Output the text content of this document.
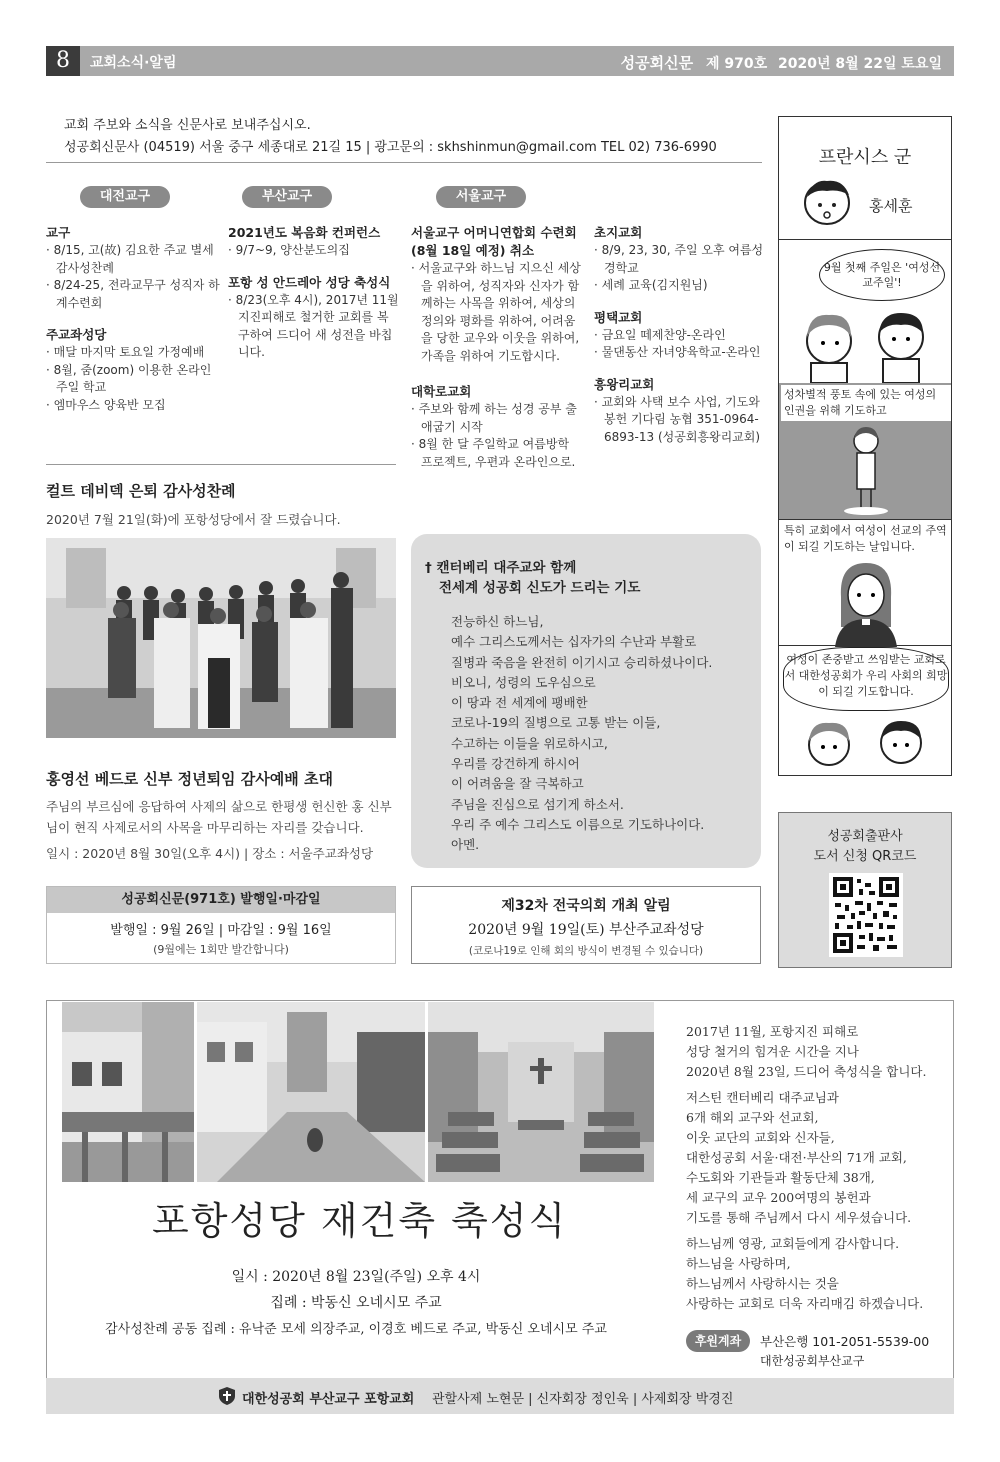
8	교회소식·알림	성공회신문 제 970호 2020년 8월 22일 토요일
교회 주보와 소식을 신문사로 보내주십시오.
성공회신문사 (04519) 서울 중구 세종대로 21길 15 | 광고문의 : skhshinmun@gmail.com TEL 02) 736-6990
대전교구	부산교구	서울교구
교구
· 8/15, 고(故) 김요한 주교 별세 감사성찬례
· 8/24-25, 전라교무구 성직자 하계수련회
주교좌성당
· 매달 마지막 토요일 가정예배
· 8월, 줌(zoom) 이용한 온라인 주일 학교
· 엠마우스 양육반 모집
2021년도 복음화 컨퍼런스
· 9/7~9, 양산분도의집
포항 성 안드레아 성당 축성식
· 8/23(오후 4시), 2017년 11월 지진피해로 철거한 교회를 복구하여 드디어 새 성전을 바칩니다.
서울교구 어머니연합회 수련회 (8월 18일 예정) 취소
· 서울교구와 하느님 지으신 세상을 위하여, 성직자와 신자가 함께하는 사목을 위하여, 세상의 정의와 평화를 위하여, 어려움을 당한 교우와 이웃을 위하여, 가족을 위하여 기도합시다.
대학로교회
· 주보와 함께 하는 성경 공부 출애굽기 시작
· 8월 한 달 주일학교 여름방학 프로젝트, 우편과 온라인으로.
초지교회
· 8/9, 23, 30, 주일 오후 여름성경학교
· 세례 교육(김지원님)
평택교회
· 금요일 떼제찬양-온라인
· 물댄동산 자녀양육학교-온라인
흥왕리교회
· 교회와 사택 보수 사업, 기도와 봉헌 기다림 농협 351-0964-6893-13 (성공회흥왕리교회)
컬트 데비덱 은퇴 감사성찬례
2020년 7월 21일(화)에 포항성당에서 잘 드렸습니다.
홍영선 베드로 신부 정년퇴임 감사예배 초대
주님의 부르심에 응답하여 사제의 삶으로 한평생 헌신한 홍 신부님이 현직 사제로서의 사목을 마무리하는 자리를 갖습니다.
일시 : 2020년 8월 30일(오후 4시) | 장소 : 서울주교좌성당
† 캔터베리 대주교와 함께
전세계 성공회 신도가 드리는 기도
전능하신 하느님,
예수 그리스도께서는 십자가의 수난과 부활로
질병과 죽음을 완전히 이기시고 승리하셨나이다.
비오니, 성령의 도우심으로
이 땅과 전 세계에 팽배한
코로나-19의 질병으로 고통 받는 이들,
수고하는 이들을 위로하시고,
우리를 강건하게 하시어
이 어려움을 잘 극복하고
주님을 진심으로 섬기게 하소서.
우리 주 예수 그리스도 이름으로 기도하나이다.
아멘.
성공회신문(971호) 발행일·마감일
발행일 : 9월 26일 | 마감일 : 9월 16일
(9월에는 1회만 발간합니다)
제32차 전국의회 개최 알림
2020년 9월 19일(토) 부산주교좌성당
(코로나19로 인해 회의 방식이 변경될 수 있습니다)
프란시스 군
홍세훈
9월 첫째 주일은 '여성선교주일'!
성차별적 풍토 속에 있는 여성의 인권을 위해 기도하고
특히 교회에서 여성이 선교의 주역이 되길 기도하는 날입니다.
여성이 존중받고 쓰임받는 교회로서 대한성공회가 우리 사회의 희망이 되길 기도합니다.
성공회출판사
도서 신청 QR코드
포항성당 재건축 축성식
일시 : 2020년 8월 23일(주일) 오후 4시
집례 : 박동신 오네시모 주교
감사성찬례 공동 집례 : 유낙준 모세 의장주교, 이경호 베드로 주교, 박동신 오네시모 주교
2017년 11월, 포항지진 피해로
성당 철거의 힘겨운 시간을 지나
2020년 8월 23일, 드디어 축성식을 합니다.
저스틴 캔터베리 대주교님과
6개 해외 교구와 선교회,
이웃 교단의 교회와 신자들,
대한성공회 서울·대전·부산의 71개 교회,
수도회와 기관들과 활동단체 38개,
세 교구의 교우 200여명의 봉헌과
기도를 통해 주님께서 다시 세우셨습니다.
하느님께 영광, 교회들에게 감사합니다.
하느님을 사랑하며,
하느님께서 사랑하시는 것을
사랑하는 교회로 더욱 자리매김 하겠습니다.
후원계좌	부산은행 101-2051-5539-00
대한성공회부산교구
대한성공회 부산교구 포항교회 관할사제 노현문 | 신자회장 정인욱 | 사제회장 박경진
